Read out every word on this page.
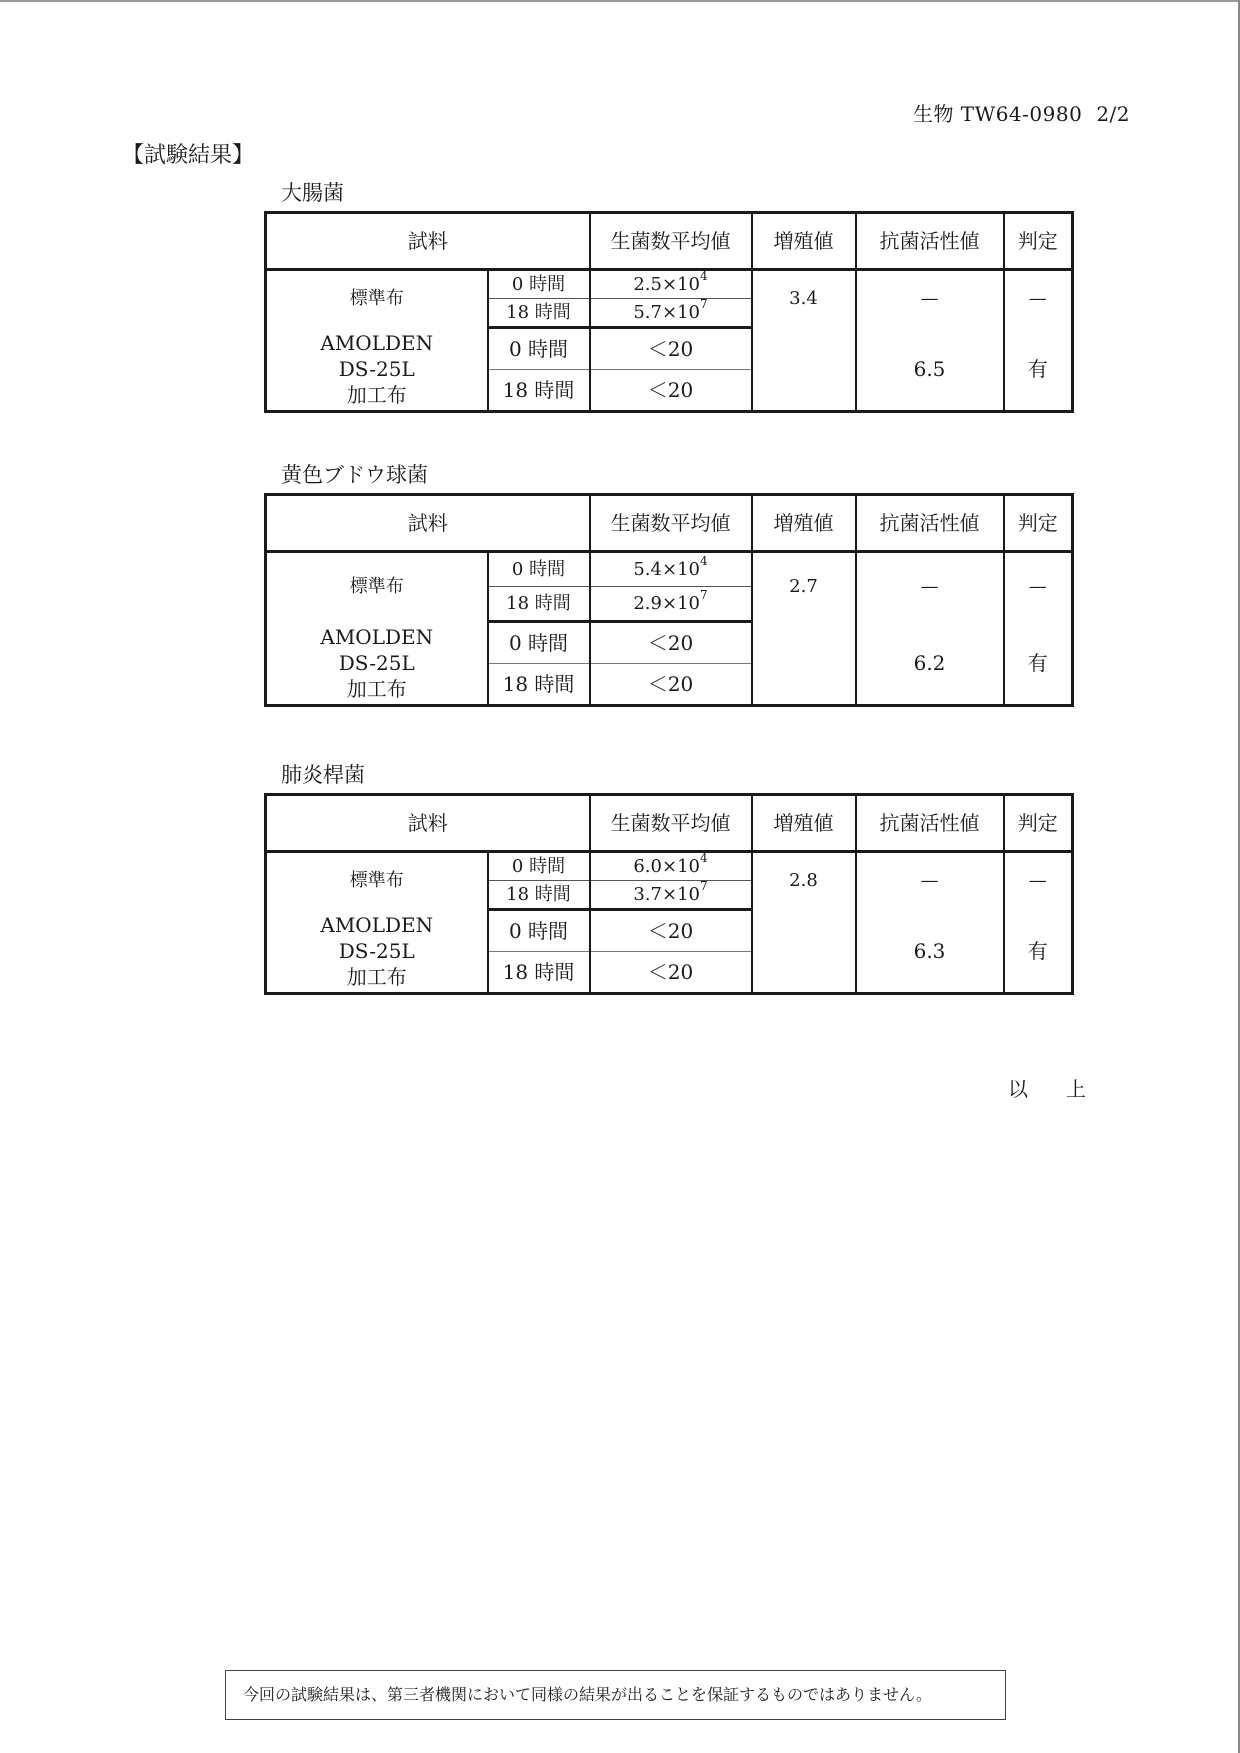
生物 TW64-0980 2/2
【試験結果】
大腸菌
試料		生菌数平均値	増殖値	抗菌活性値	判定
標準布	0 時間	$2.5\times 10^4$	3.4	—	—
	18 時間	$5.7\times 10^7$
AMOLDEN
DS-25L
加工布	0 時間	＜20		6.5	有
	18 時間	＜20			
黄色ブドウ球菌
試料		生菌数平均値	増殖値	抗菌活性値	判定
標準布	0 時間	$5.4\times 10^4$	2.7	—	—
	18 時間	$2.9\times 10^7$
AMOLDEN
DS-25L
加工布	0 時間	＜20		6.2	有
	18 時間	＜20			
肺炎桿菌
試料		生菌数平均値	増殖値	抗菌活性値	判定
標準布	0 時間	$6.0\times 10^4$	2.8	—	—
	18 時間	$3.7\times 10^7$
AMOLDEN
DS-25L
加工布	0 時間	＜20		6.3	有
	18 時間	＜20			
以 上
今回の試験結果は、第三者機関において同様の結果が出ることを保証するものではありません。
